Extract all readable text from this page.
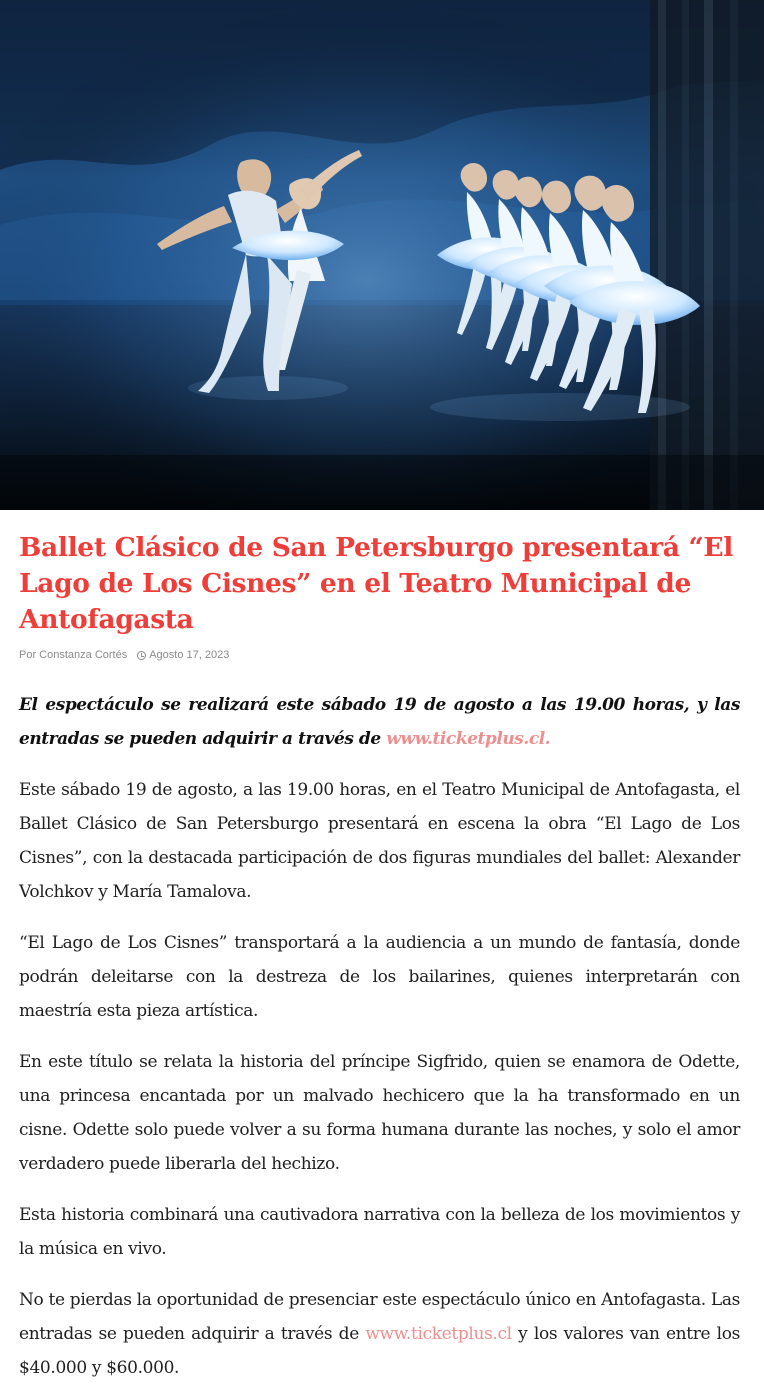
Ballet Clásico de San Petersburgo presentará “El Lago de Los Cisnes” en el Teatro Municipal de Antofagasta
Por Constanza Cortés Agosto 17, 2023

El espectáculo se realizará este sábado 19 de agosto a las 19.00 horas, y las entradas se pueden adquirir a través de www.ticketplus.cl.

Este sábado 19 de agosto, a las 19.00 horas, en el Teatro Municipal de Antofagasta, el Ballet Clásico de San Petersburgo presentará en escena la obra “El Lago de Los Cisnes”, con la destacada participación de dos figuras mundiales del ballet: Alexander Volchkov y María Tamalova.

“El Lago de Los Cisnes” transportará a la audiencia a un mundo de fantasía, donde podrán deleitarse con la destreza de los bailarines, quienes interpretarán con maestría esta pieza artística.

En este título se relata la historia del príncipe Sigfrido, quien se enamora de Odette, una princesa encantada por un malvado hechicero que la ha transformado en un cisne. Odette solo puede volver a su forma humana durante las noches, y solo el amor verdadero puede liberarla del hechizo.

Esta historia combinará una cautivadora narrativa con la belleza de los movimientos y la música en vivo.

No te pierdas la oportunidad de presenciar este espectáculo único en Antofagasta. Las entradas se pueden adquirir a través de www.ticketplus.cl y los valores van entre los $40.000 y $60.000.
